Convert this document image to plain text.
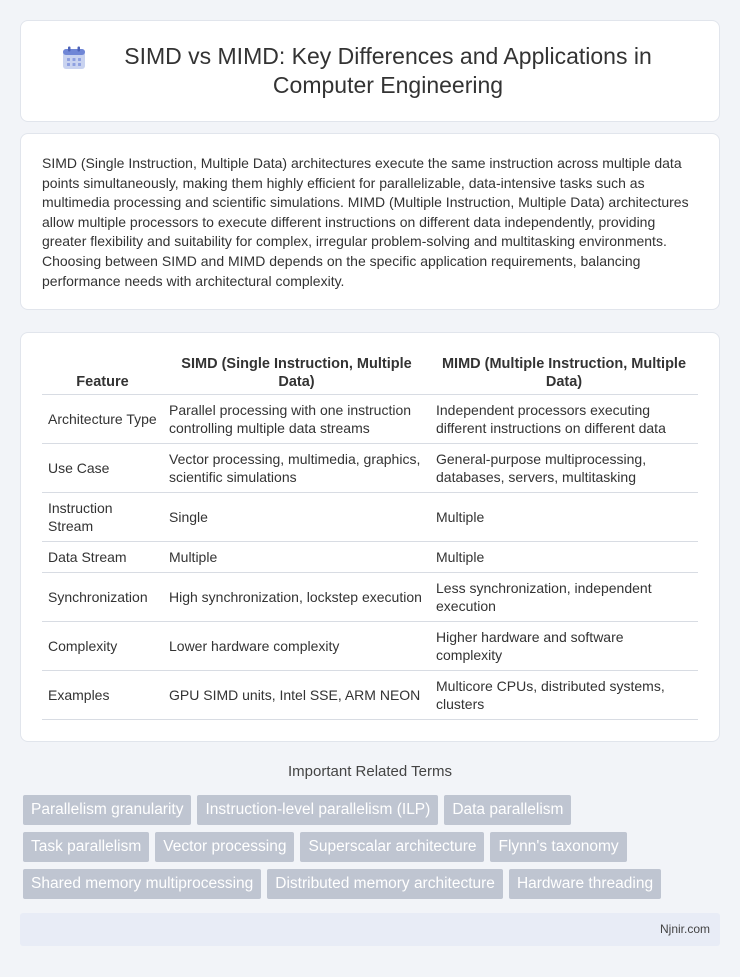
SIMD vs MIMD: Key Differences and Applications in Computer Engineering

SIMD (Single Instruction, Multiple Data) architectures execute the same instruction across multiple data points simultaneously, making them highly efficient for parallelizable, data-intensive tasks such as multimedia processing and scientific simulations. MIMD (Multiple Instruction, Multiple Data) architectures allow multiple processors to execute different instructions on different data independently, providing greater flexibility and suitability for complex, irregular problem-solving and multitasking environments. Choosing between SIMD and MIMD depends on the specific application requirements, balancing performance needs with architectural complexity.

Feature	SIMD (Single Instruction, Multiple Data)	MIMD (Multiple Instruction, Multiple Data)
Architecture Type	Parallel processing with one instruction controlling multiple data streams	Independent processors executing different instructions on different data
Use Case	Vector processing, multimedia, graphics, scientific simulations	General-purpose multiprocessing, databases, servers, multitasking
Instruction Stream	Single	Multiple
Data Stream	Multiple	Multiple
Synchronization	High synchronization, lockstep execution	Less synchronization, independent execution
Complexity	Lower hardware complexity	Higher hardware and software complexity
Examples	GPU SIMD units, Intel SSE, ARM NEON	Multicore CPUs, distributed systems, clusters
Important Related Terms
Parallelism granularity	Instruction-level parallelism (ILP)	Data parallelism
Task parallelism	Vector processing	Superscalar architecture	Flynn's taxonomy
Shared memory multiprocessing	Distributed memory architecture	Hardware threading
Njnir.com
